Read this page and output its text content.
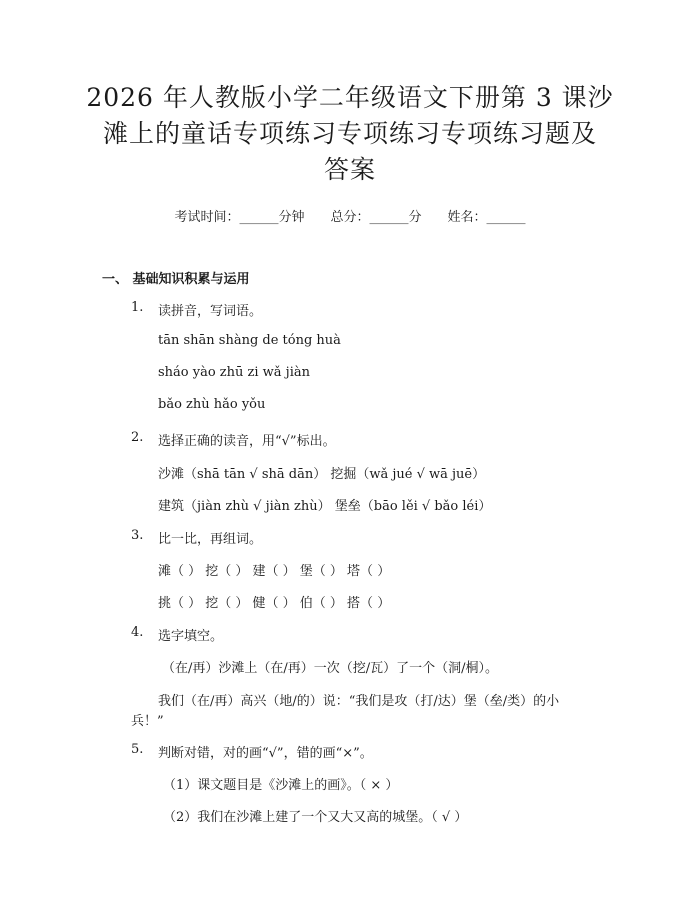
2026 年人教版小学二年级语文下册第 3 课沙
滩上的童话专项练习专项练习专项练习题及
答案
考试时间：______分钟 总分：______分 姓名：______
一、 基础知识积累与运用
1. 读拼音，写词语。
tān shān shàng de tóng huà
sháo yào zhū zi wǎ jiàn
bǎo zhù hǎo yǒu
2. 选择正确的读音，用“√”标出。
沙滩（shā tān √ shā dān） 挖掘（wǎ jué √ wā juē）
建筑（jiàn zhù √ jiàn zhù） 堡垒（bāo lěi √ bǎo léi）
3. 比一比，再组词。
滩（ ） 挖（ ） 建（ ） 堡（ ） 塔（ ）
挑（ ） 挖（ ） 健（ ） 伯（ ） 搭（ ）
4. 选字填空。
（在/再）沙滩上（在/再）一次（挖/瓦）了一个（洞/桐）。
我们（在/再）高兴（地/的）说：“我们是攻（打/达）堡（垒/类）的小
兵！”
5. 判断对错，对的画“√”，错的画“×”。
（1）课文题目是《沙滩上的画》。（ × ）
（2）我们在沙滩上建了一个又大又高的城堡。（ √ ）
